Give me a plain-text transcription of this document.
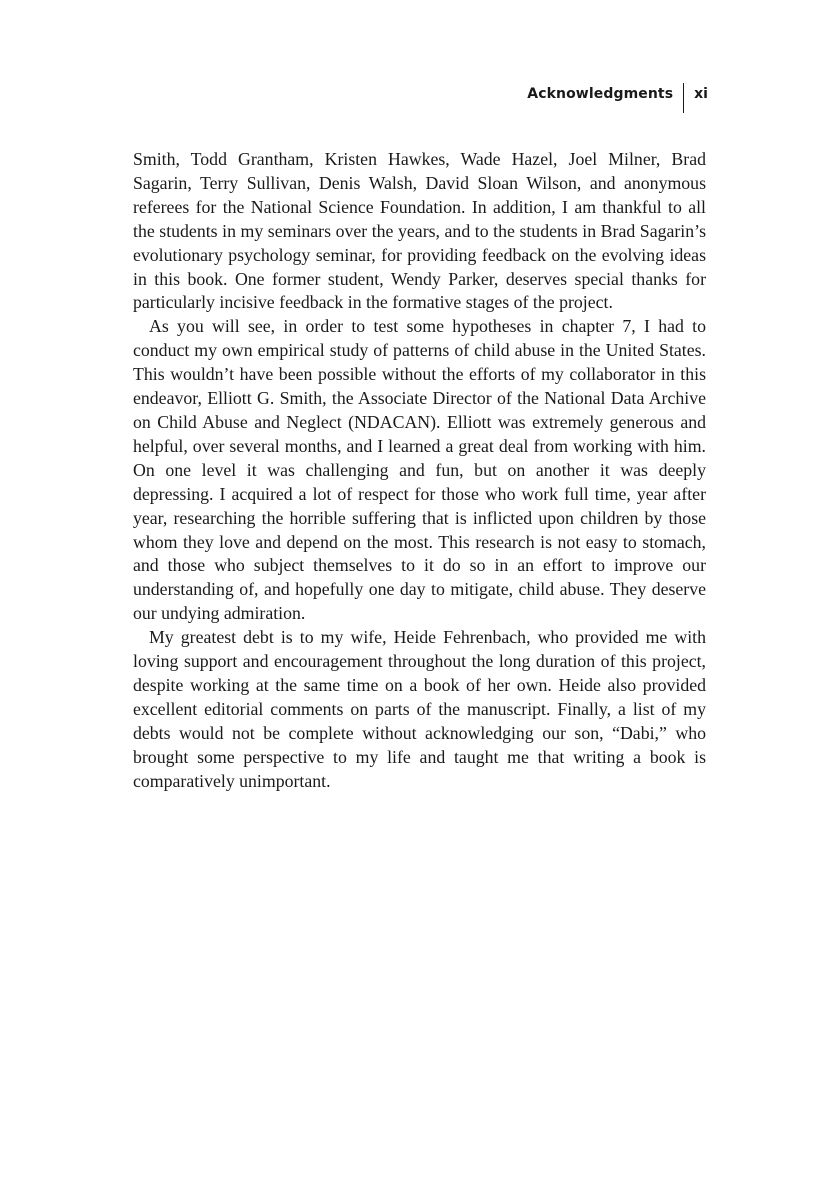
Acknowledgments	xi

Smith, Todd Grantham, Kristen Hawkes, Wade Hazel, Joel Milner, Brad Sagarin, Terry Sullivan, Denis Walsh, David Sloan Wilson, and anonymous referees for the National Science Foundation. In addition, I am thankful to all the students in my seminars over the years, and to the students in Brad Sagarin’s evolutionary psychology seminar, for providing feedback on the evolving ideas in this book. One former student, Wendy Parker, deserves special thanks for particularly incisive feedback in the formative stages of the project.

As you will see, in order to test some hypotheses in chapter 7, I had to conduct my own empirical study of patterns of child abuse in the United States. This wouldn’t have been possible without the efforts of my collaborator in this endeavor, Elliott G. Smith, the Associate Director of the National Data Archive on Child Abuse and Neglect (NDACAN). Elliott was extremely generous and helpful, over several months, and I learned a great deal from working with him. On one level it was challenging and fun, but on another it was deeply depressing. I acquired a lot of respect for those who work full time, year after year, researching the horrible suffering that is inflicted upon children by those whom they love and depend on the most. This research is not easy to stomach, and those who subject themselves to it do so in an effort to improve our understanding of, and hopefully one day to mitigate, child abuse. They deserve our undying admiration.

My greatest debt is to my wife, Heide Fehrenbach, who provided me with loving support and encouragement throughout the long duration of this project, despite working at the same time on a book of her own. Heide also provided excellent editorial comments on parts of the manuscript. Finally, a list of my debts would not be complete without acknowledging our son, “Dabi,” who brought some perspective to my life and taught me that writing a book is comparatively unimportant.
